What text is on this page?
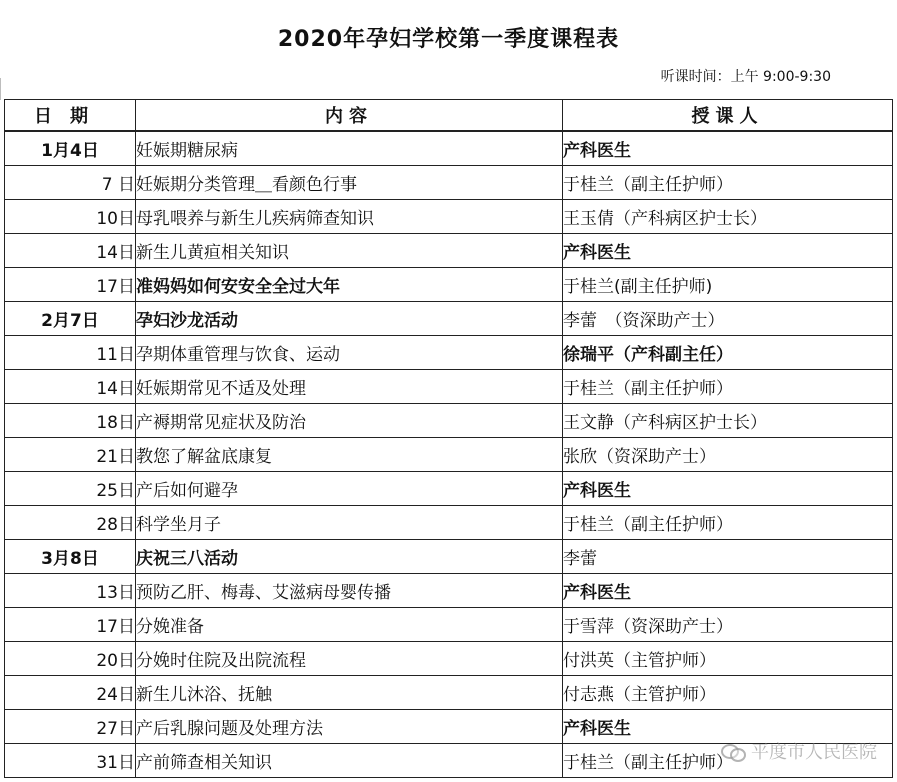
2020年孕妇学校第一季度课程表
听课时间：上午 9:00-9:30
日期	内容	授课人
1月4日	妊娠期糖尿病	产科医生
7 日	妊娠期分类管理＿看颜色行事	于桂兰（副主任护师）
10日	母乳喂养与新生儿疾病筛查知识	王玉倩（产科病区护士长）
14日	新生儿黄疸相关知识	产科医生
17日	准妈妈如何安安全全过大年	于桂兰(副主任护师)
2月7日	孕妇沙龙活动	李蕾　（资深助产士）
11日	孕期体重管理与饮食、运动	徐瑞平（产科副主任）
14日	妊娠期常见不适及处理	于桂兰（副主任护师）
18日	产褥期常见症状及防治	王文静（产科病区护士长）
21日	教您了解盆底康复	张欣（资深助产士）
25日	产后如何避孕	产科医生
28日	科学坐月子	于桂兰（副主任护师）
3月8日	庆祝三八活动	李蕾
13日	预防乙肝、梅毒、艾滋病母婴传播	产科医生
17日	分娩准备	于雪萍（资深助产士）
20日	分娩时住院及出院流程	付洪英（主管护师）
24日	新生儿沐浴、抚触	付志燕（主管护师）
27日	产后乳腺问题及处理方法	产科医生
31日	产前筛查相关知识	于桂兰（副主任护师） 平度市人民医院
